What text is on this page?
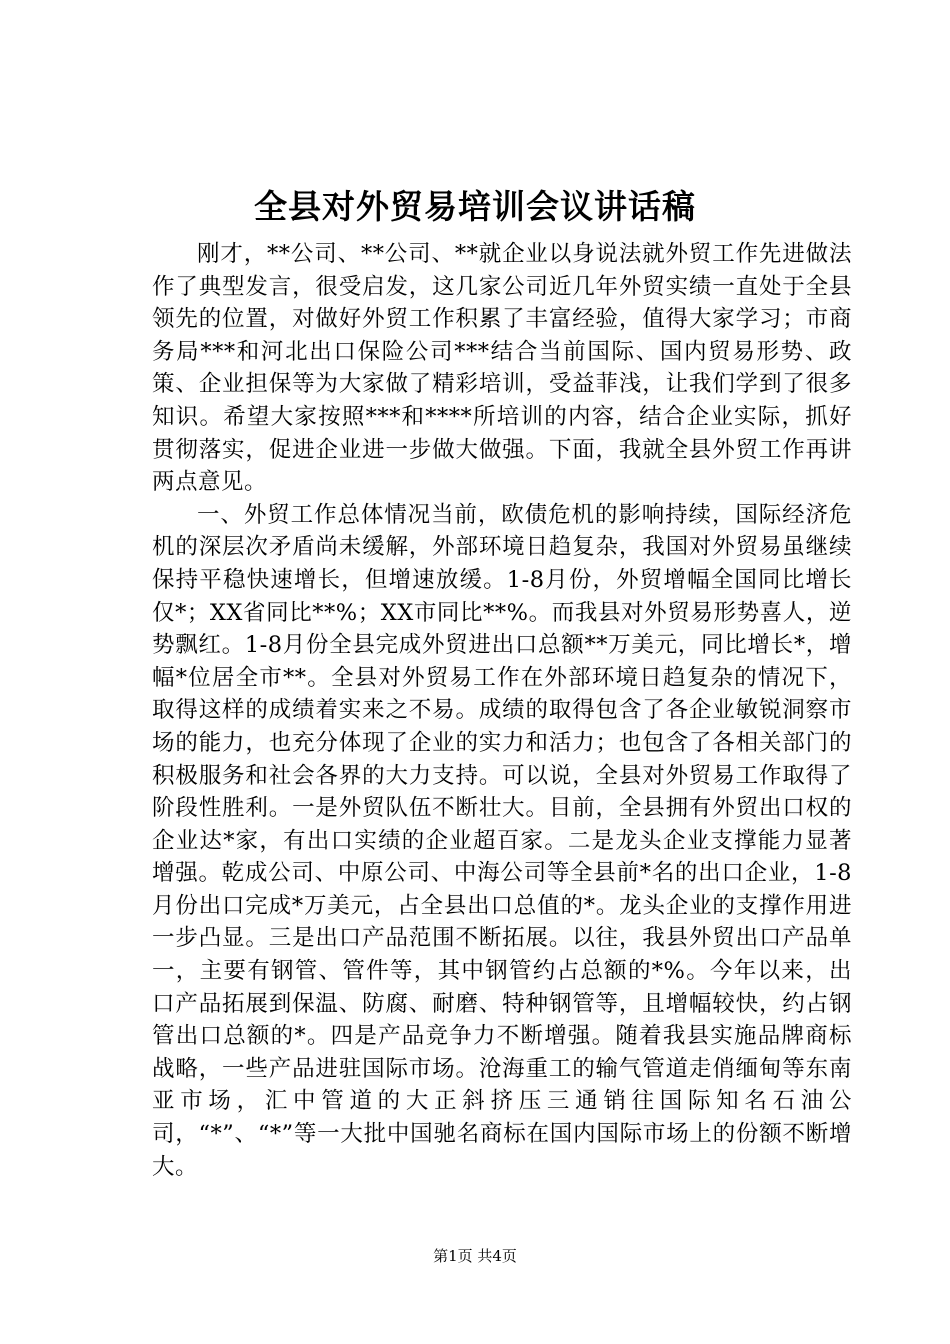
全县对外贸易培训会议讲话稿

刚才，**公司、**公司、**就企业以身说法就外贸工作先进做法作了典型发言，很受启发，这几家公司近几年外贸实绩一直处于全县领先的位置，对做好外贸工作积累了丰富经验，值得大家学习；市商务局***和河北出口保险公司***结合当前国际、国内贸易形势、政策、企业担保等为大家做了精彩培训，受益菲浅，让我们学到了很多知识。希望大家按照***和****所培训的内容，结合企业实际，抓好贯彻落实，促进企业进一步做大做强。下面，我就全县外贸工作再讲两点意见。

一、外贸工作总体情况当前，欧债危机的影响持续，国际经济危机的深层次矛盾尚未缓解，外部环境日趋复杂，我国对外贸易虽继续保持平稳快速增长，但增速放缓。1-8月份，外贸增幅全国同比增长仅*；XX省同比**%；XX市同比**%。而我县对外贸易形势喜人，逆势飘红。1-8月份全县完成外贸进出口总额**万美元，同比增长*，增幅*位居全市**。全县对外贸易工作在外部环境日趋复杂的情况下，取得这样的成绩着实来之不易。成绩的取得包含了各企业敏锐洞察市场的能力，也充分体现了企业的实力和活力；也包含了各相关部门的积极服务和社会各界的大力支持。可以说，全县对外贸易工作取得了阶段性胜利。一是外贸队伍不断壮大。目前，全县拥有外贸出口权的企业达*家，有出口实绩的企业超百家。二是龙头企业支撑能力显著增强。乾成公司、中原公司、中海公司等全县前*名的出口企业，1-8月份出口完成*万美元，占全县出口总值的*。龙头企业的支撑作用进一步凸显。三是出口产品范围不断拓展。以往，我县外贸出口产品单一，主要有钢管、管件等，其中钢管约占总额的*%。今年以来，出口产品拓展到保温、防腐、耐磨、特种钢管等，且增幅较快，约占钢管出口总额的*。四是产品竞争力不断增强。随着我县实施品牌商标战略，一些产品进驻国际市场。沧海重工的输气管道走俏缅甸等东南亚市场，汇中管道的大正斜挤压三通销往国际知名石油公司，“*”、“*”等一大批中国驰名商标在国内国际市场上的份额不断增大。

第1页 共4页
